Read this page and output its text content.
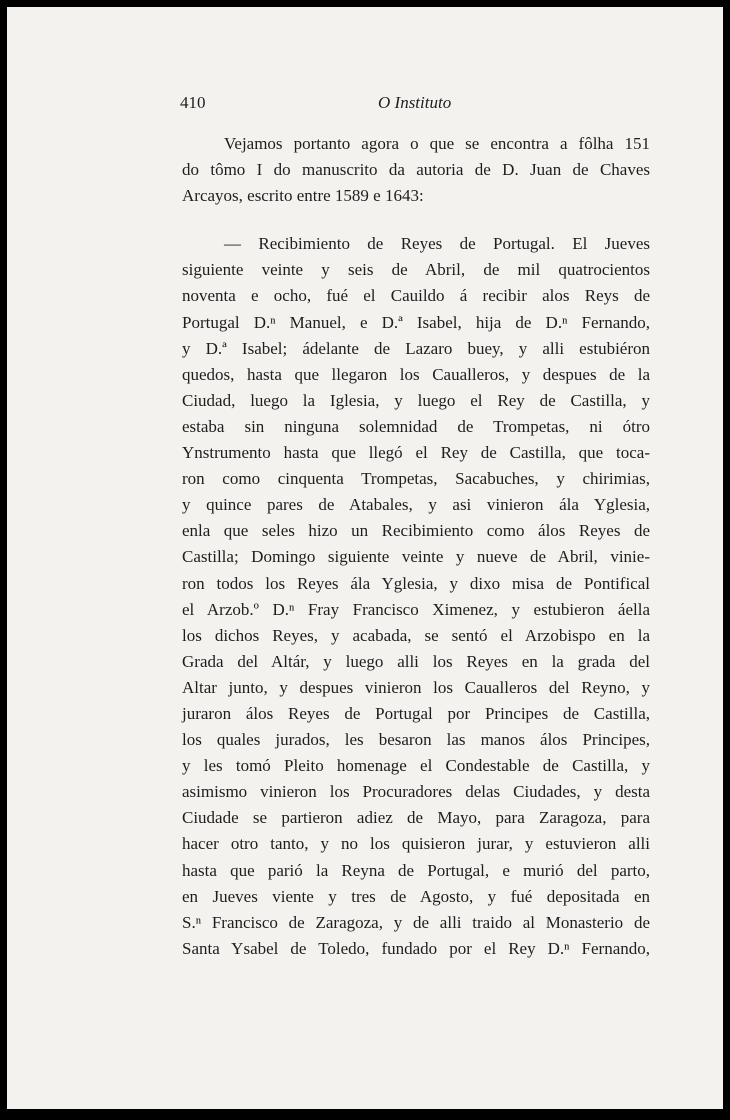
410	O Instituto
Vejamos portanto agora o que se encontra a fôlha 151
do tômo I do manuscrito da autoria de D. Juan de Chaves
Arcayos, escrito entre 1589 e 1643:
— Recibimiento de Reyes de Portugal. El Jueves
siguiente veinte y seis de Abril, de mil quatrocientos
noventa e ocho, fué el Cauildo á recibir alos Reys de
Portugal D.ⁿ Manuel, e D.ª Isabel, hija de D.ⁿ Fernando,
y D.ª Isabel; ádelante de Lazaro buey, y alli estubiéron
quedos, hasta que llegaron los Caualleros, y despues de la
Ciudad, luego la Iglesia, y luego el Rey de Castilla, y
estaba sin ninguna solemnidad de Trompetas, ni ótro
Ynstrumento hasta que llegó el Rey de Castilla, que toca-
ron como cinquenta Trompetas, Sacabuches, y chirimias,
y quince pares de Atabales, y asi vinieron ála Yglesia,
enla que seles hizo un Recibimiento como álos Reyes de
Castilla; Domingo siguiente veinte y nueve de Abril, vinie-
ron todos los Reyes ála Yglesia, y dixo misa de Pontifical
el Arzob.º D.ⁿ Fray Francisco Ximenez, y estubieron áella
los dichos Reyes, y acabada, se sentó el Arzobispo en la
Grada del Altár, y luego alli los Reyes en la grada del
Altar junto, y despues vinieron los Caualleros del Reyno, y
juraron álos Reyes de Portugal por Principes de Castilla,
los quales jurados, les besaron las manos álos Principes,
y les tomó Pleito homenage el Condestable de Castilla, y
asimismo vinieron los Procuradores delas Ciudades, y desta
Ciudade se partieron adiez de Mayo, para Zaragoza, para
hacer otro tanto, y no los quisieron jurar, y estuvieron alli
hasta que parió la Reyna de Portugal, e murió del parto,
en Jueves viente y tres de Agosto, y fué depositada en
S.ⁿ Francisco de Zaragoza, y de alli traido al Monasterio de
Santa Ysabel de Toledo, fundado por el Rey D.ⁿ Fernando,
